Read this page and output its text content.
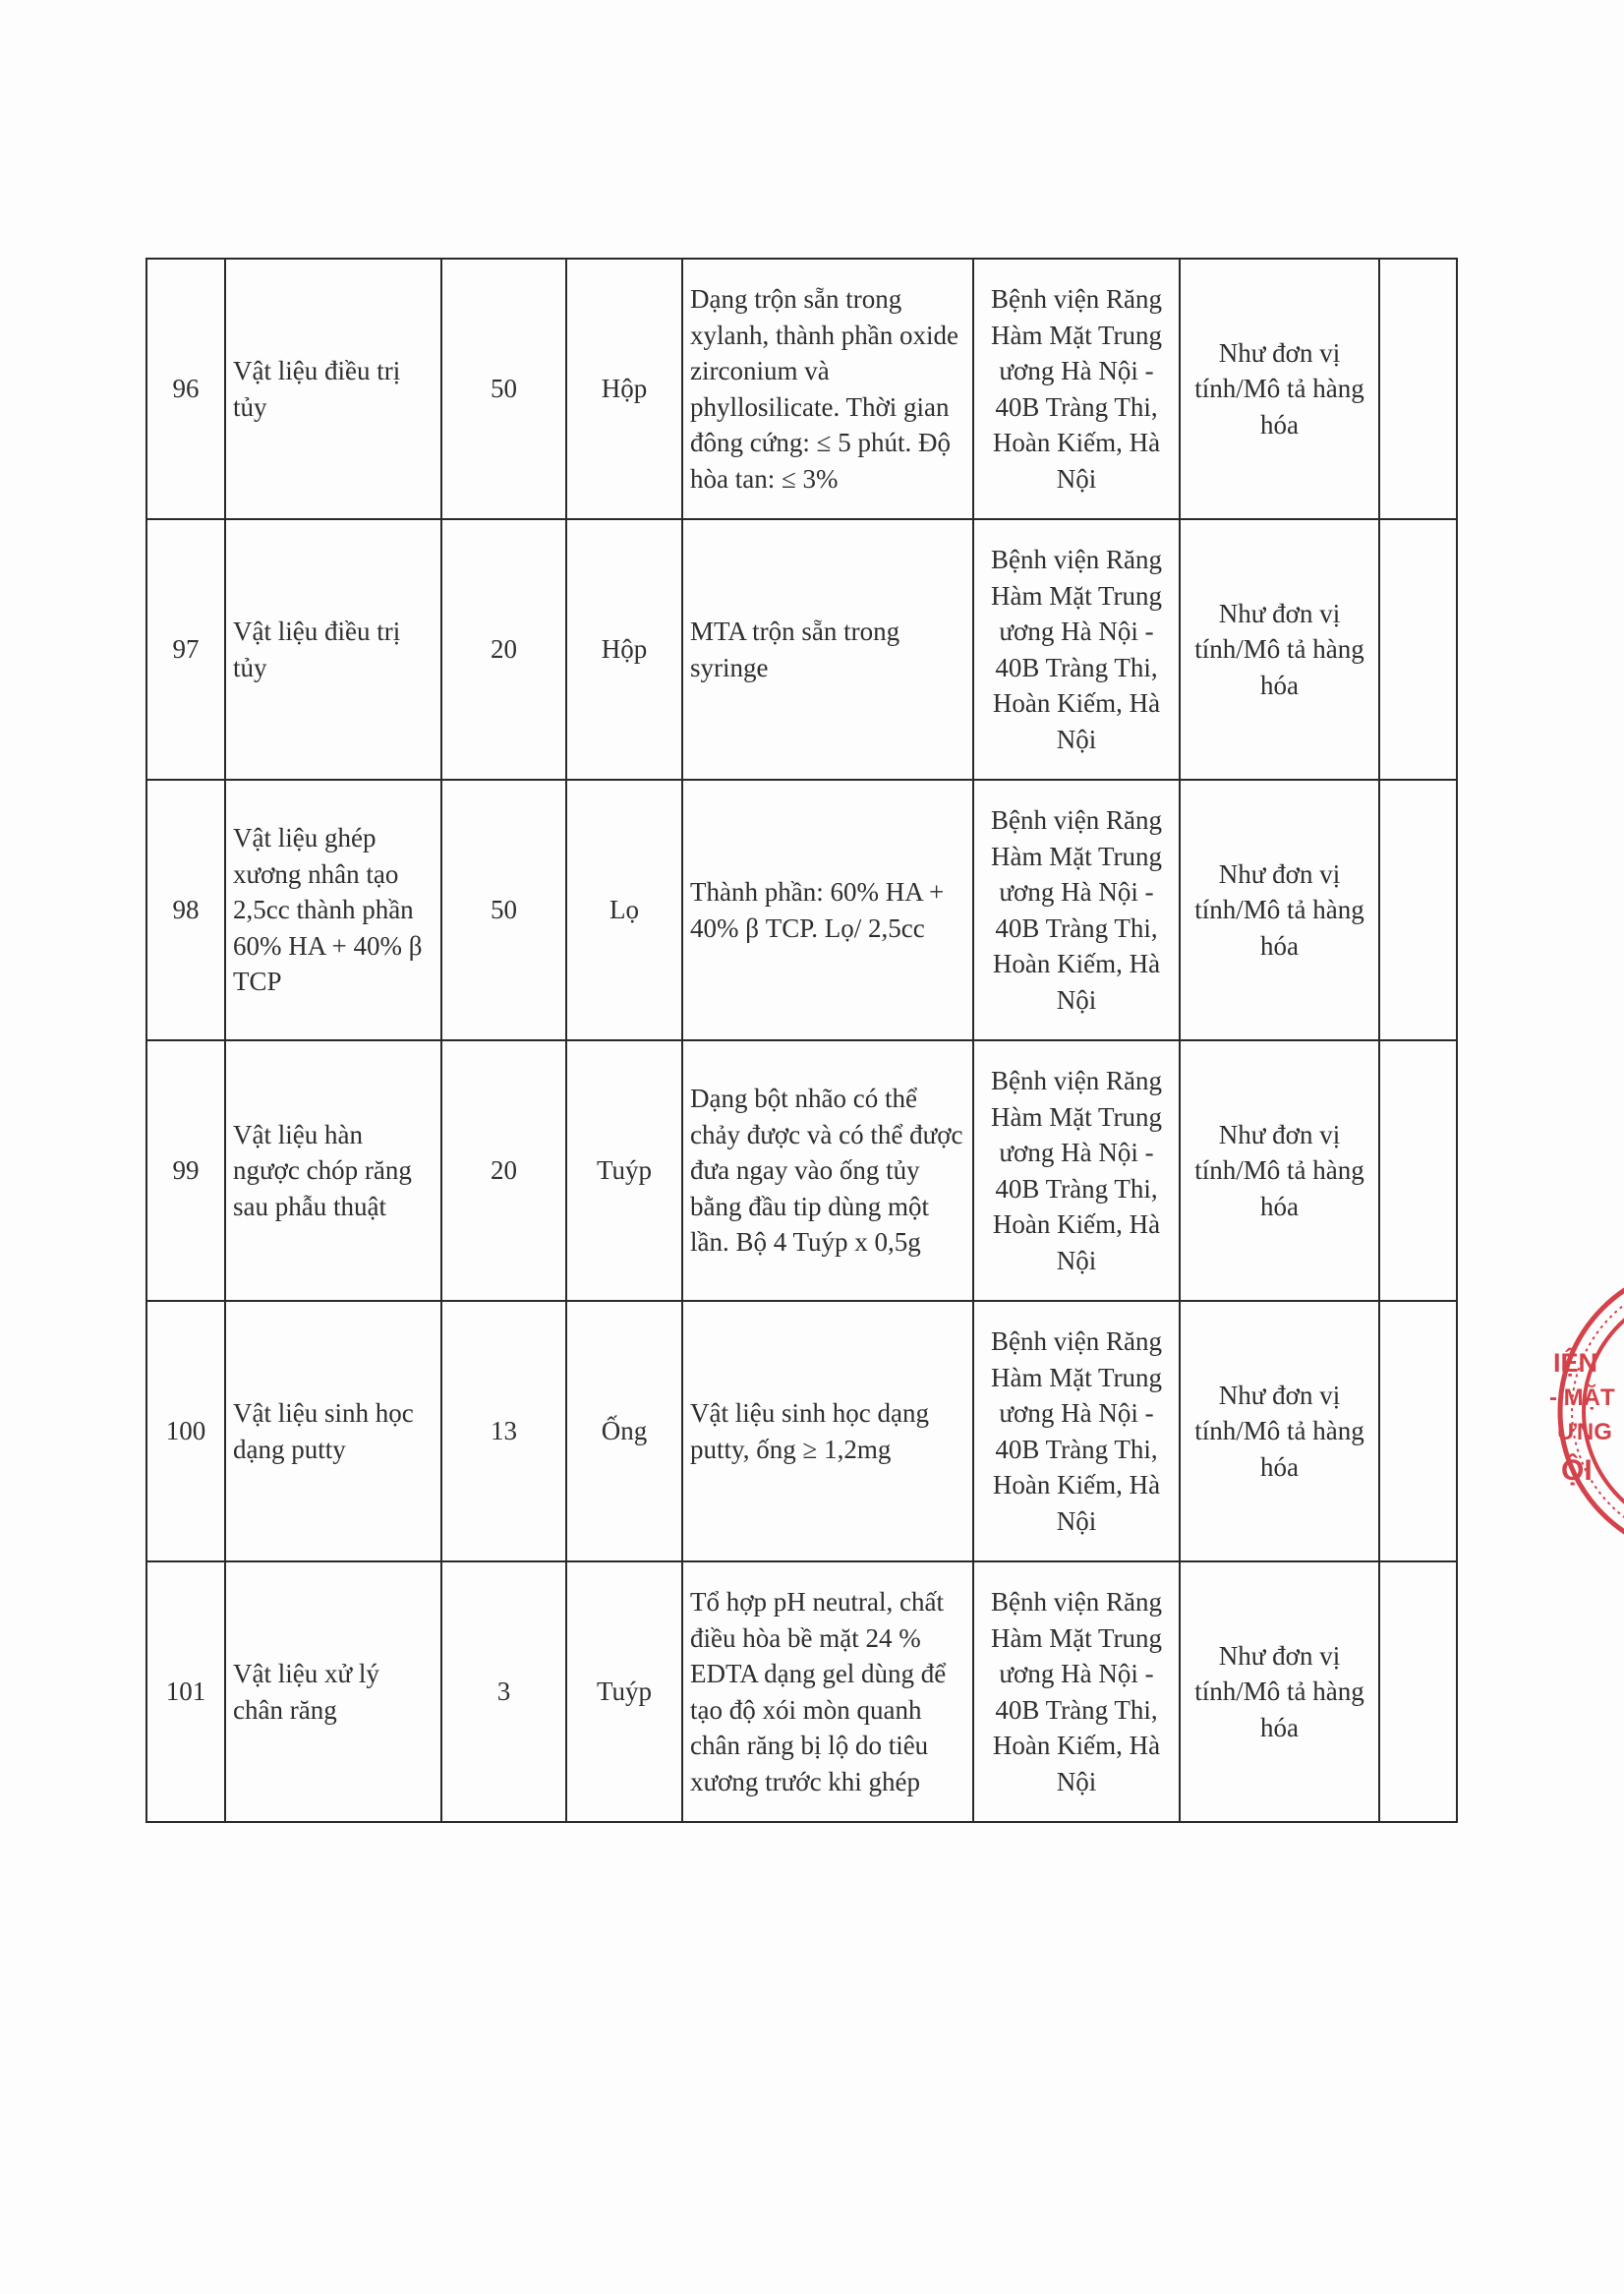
96	Vật liệu điều trị tủy	50	Hộp	Dạng trộn sẵn trong xylanh, thành phần oxide zirconium và phyllosilicate. Thời gian đông cứng: ≤ 5 phút. Độ hòa tan: ≤ 3%	Bệnh viện Răng Hàm Mặt Trung ương Hà Nội - 40B Tràng Thi, Hoàn Kiếm, Hà Nội	Như đơn vị tính/Mô tả hàng hóa	
97	Vật liệu điều trị tủy	20	Hộp	MTA trộn sẵn trong syringe	Bệnh viện Răng Hàm Mặt Trung ương Hà Nội - 40B Tràng Thi, Hoàn Kiếm, Hà Nội	Như đơn vị tính/Mô tả hàng hóa	
98	Vật liệu ghép xương nhân tạo 2,5cc thành phần 60% HA + 40% β TCP	50	Lọ	Thành phần: 60% HA + 40% β TCP. Lọ/ 2,5cc	Bệnh viện Răng Hàm Mặt Trung ương Hà Nội - 40B Tràng Thi, Hoàn Kiếm, Hà Nội	Như đơn vị tính/Mô tả hàng hóa	
99	Vật liệu hàn ngược chóp răng sau phẫu thuật	20	Tuýp	Dạng bột nhão có thể chảy được và có thể được đưa ngay vào ống tủy bằng đầu tip dùng một lần. Bộ 4 Tuýp x 0,5g	Bệnh viện Răng Hàm Mặt Trung ương Hà Nội - 40B Tràng Thi, Hoàn Kiếm, Hà Nội	Như đơn vị tính/Mô tả hàng hóa	
100	Vật liệu sinh học dạng putty	13	Ống	Vật liệu sinh học dạng putty, ống ≥ 1,2mg	Bệnh viện Răng Hàm Mặt Trung ương Hà Nội - 40B Tràng Thi, Hoàn Kiếm, Hà Nội	Như đơn vị tính/Mô tả hàng hóa	
101	Vật liệu xử lý chân răng	3	Tuýp	Tổ hợp pH neutral, chất điều hòa bề mặt 24 % EDTA dạng gel dùng để tạo độ xói mòn quanh chân răng bị lộ do tiêu xương trước khi ghép	Bệnh viện Răng Hàm Mặt Trung ương Hà Nội - 40B Tràng Thi, Hoàn Kiếm, Hà Nội	Như đơn vị tính/Mô tả hàng hóa	
IỆN
- MẶT
ƯNG
ỘI
